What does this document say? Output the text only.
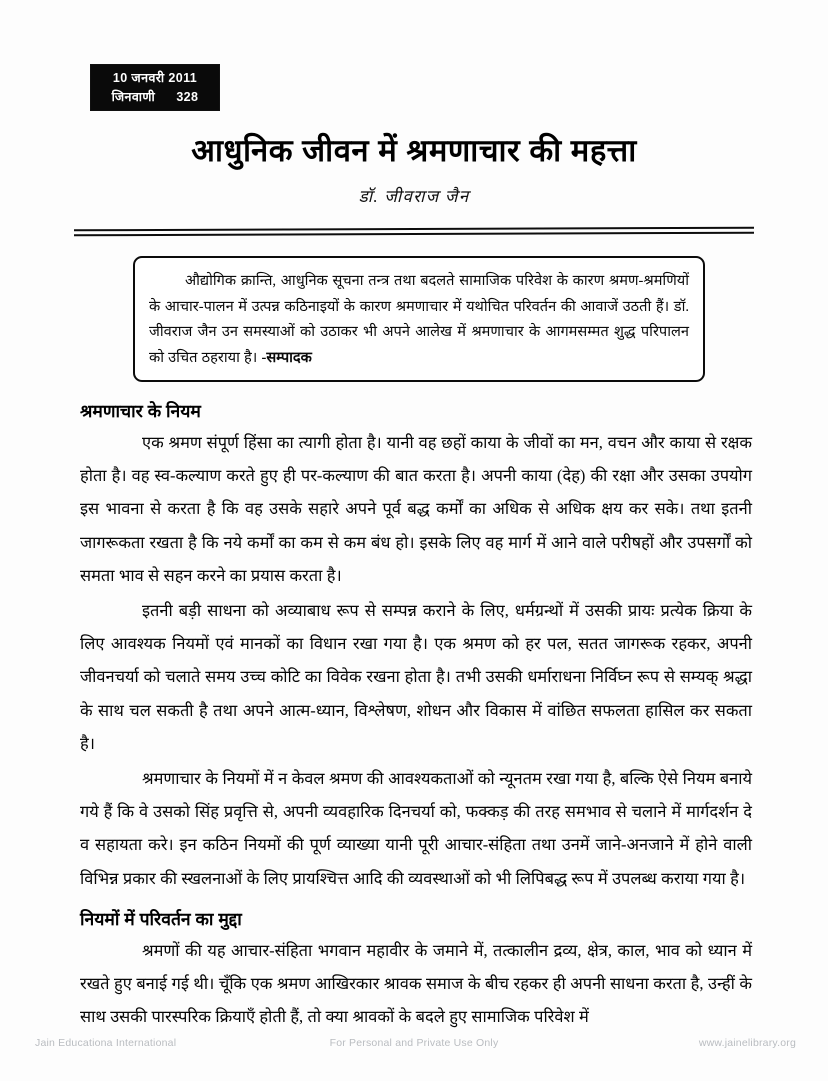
10 जनवरी 2011
जिनवाणी 328
आधुनिक जीवन में श्रमणाचार की महत्ता
डॉ. जीवराज जैन
औद्योगिक क्रान्ति, आधुनिक सूचना तन्त्र तथा बदलते सामाजिक परिवेश के कारण श्रमण-श्रमणियों के आचार-पालन में उत्पन्न कठिनाइयों के कारण श्रमणाचार में यथोचित परिवर्तन की आवाजें उठती हैं। डॉ. जीवराज जैन उन समस्याओं को उठाकर भी अपने आलेख में श्रमणाचार के आगमसम्मत शुद्ध परिपालन को उचित ठहराया है। -सम्पादक
श्रमणाचार के नियम

एक श्रमण संपूर्ण हिंसा का त्यागी होता है। यानी वह छहों काया के जीवों का मन, वचन और काया से रक्षक होता है। वह स्व-कल्याण करते हुए ही पर-कल्याण की बात करता है। अपनी काया (देह) की रक्षा और उसका उपयोग इस भावना से करता है कि वह उसके सहारे अपने पूर्व बद्ध कर्मों का अधिक से अधिक क्षय कर सके। तथा इतनी जागरूकता रखता है कि नये कर्मों का कम से कम बंध हो। इसके लिए वह मार्ग में आने वाले परीषहों और उपसर्गों को समता भाव से सहन करने का प्रयास करता है।

इतनी बड़ी साधना को अव्याबाध रूप से सम्पन्न कराने के लिए, धर्मग्रन्थों में उसकी प्रायः प्रत्येक क्रिया के लिए आवश्यक नियमों एवं मानकों का विधान रखा गया है। एक श्रमण को हर पल, सतत जागरूक रहकर, अपनी जीवनचर्या को चलाते समय उच्च कोटि का विवेक रखना होता है। तभी उसकी धर्माराधना निर्विघ्न रूप से सम्यक् श्रद्धा के साथ चल सकती है तथा अपने आत्म-ध्यान, विश्लेषण, शोधन और विकास में वांछित सफलता हासिल कर सकता है।

श्रमणाचार के नियमों में न केवल श्रमण की आवश्यकताओं को न्यूनतम रखा गया है, बल्कि ऐसे नियम बनाये गये हैं कि वे उसको सिंह प्रवृत्ति से, अपनी व्यवहारिक दिनचर्या को, फक्कड़ की तरह समभाव से चलाने में मार्गदर्शन दे व सहायता करे। इन कठिन नियमों की पूर्ण व्याख्या यानी पूरी आचार-संहिता तथा उनमें जाने-अनजाने में होने वाली विभिन्न प्रकार की स्खलनाओं के लिए प्रायश्चित्त आदि की व्यवस्थाओं को भी लिपिबद्ध रूप में उपलब्ध कराया गया है।

नियमों में परिवर्तन का मुद्दा

श्रमणों की यह आचार-संहिता भगवान महावीर के जमाने में, तत्कालीन द्रव्य, क्षेत्र, काल, भाव को ध्यान में रखते हुए बनाई गई थी। चूँकि एक श्रमण आखिरकार श्रावक समाज के बीच रहकर ही अपनी साधना करता है, उन्हीं के साथ उसकी पारस्परिक क्रियाएँ होती हैं, तो क्या श्रावकों के बदले हुए सामाजिक परिवेश में

Jain Educationa International	For Personal and Private Use Only	www.jainelibrary.org
